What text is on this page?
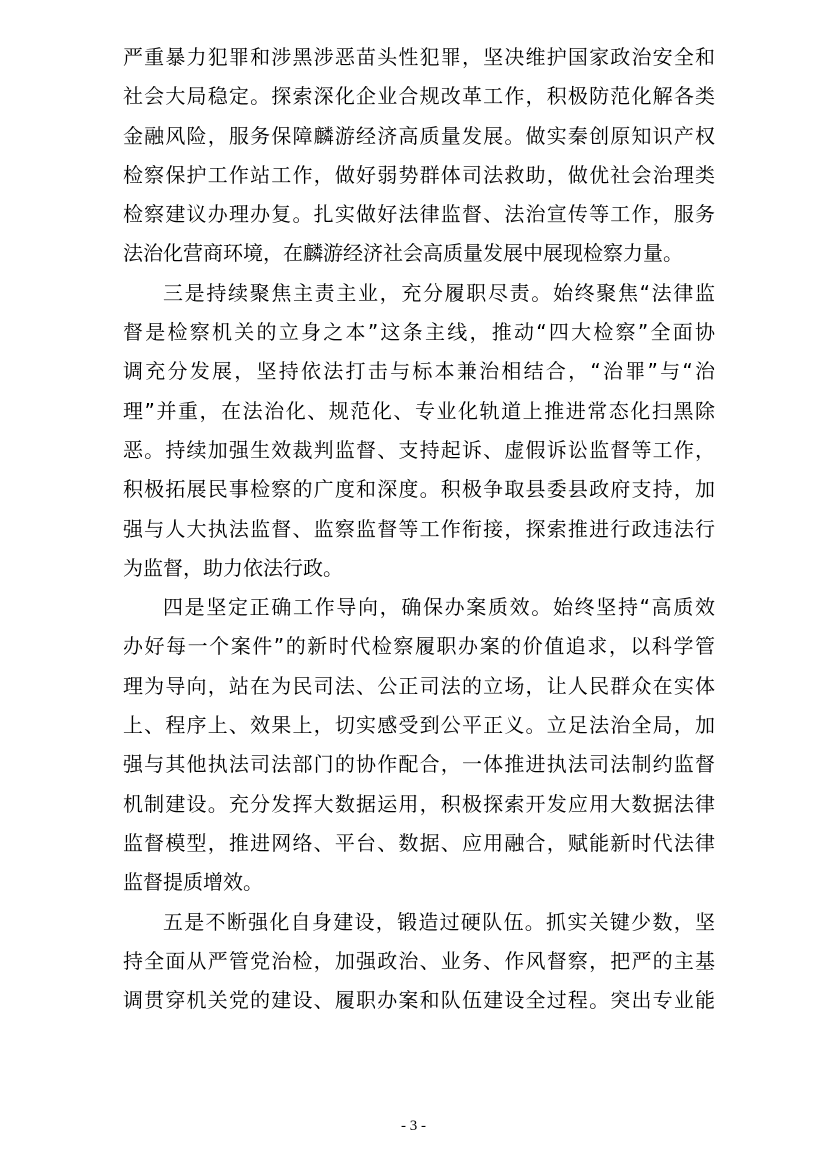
严重暴力犯罪和涉黑涉恶苗头性犯罪，坚决维护国家政治安全和
社会大局稳定。探索深化企业合规改革工作，积极防范化解各类
金融风险，服务保障麟游经济高质量发展。做实秦创原知识产权
检察保护工作站工作，做好弱势群体司法救助，做优社会治理类
检察建议办理办复。扎实做好法律监督、法治宣传等工作，服务
法治化营商环境，在麟游经济社会高质量发展中展现检察力量。
三是持续聚焦主责主业，充分履职尽责。始终聚焦“法律监
督是检察机关的立身之本”这条主线，推动“四大检察”全面协
调充分发展，坚持依法打击与标本兼治相结合，“治罪”与“治
理”并重，在法治化、规范化、专业化轨道上推进常态化扫黑除
恶。持续加强生效裁判监督、支持起诉、虚假诉讼监督等工作，
积极拓展民事检察的广度和深度。积极争取县委县政府支持，加
强与人大执法监督、监察监督等工作衔接，探索推进行政违法行
为监督，助力依法行政。
四是坚定正确工作导向，确保办案质效。始终坚持“高质效
办好每一个案件”的新时代检察履职办案的价值追求，以科学管
理为导向，站在为民司法、公正司法的立场，让人民群众在实体
上、程序上、效果上，切实感受到公平正义。立足法治全局，加
强与其他执法司法部门的协作配合，一体推进执法司法制约监督
机制建设。充分发挥大数据运用，积极探索开发应用大数据法律
监督模型，推进网络、平台、数据、应用融合，赋能新时代法律
监督提质增效。
五是不断强化自身建设，锻造过硬队伍。抓实关键少数，坚
持全面从严管党治检，加强政治、业务、作风督察，把严的主基
调贯穿机关党的建设、履职办案和队伍建设全过程。突出专业能
- 3 -
